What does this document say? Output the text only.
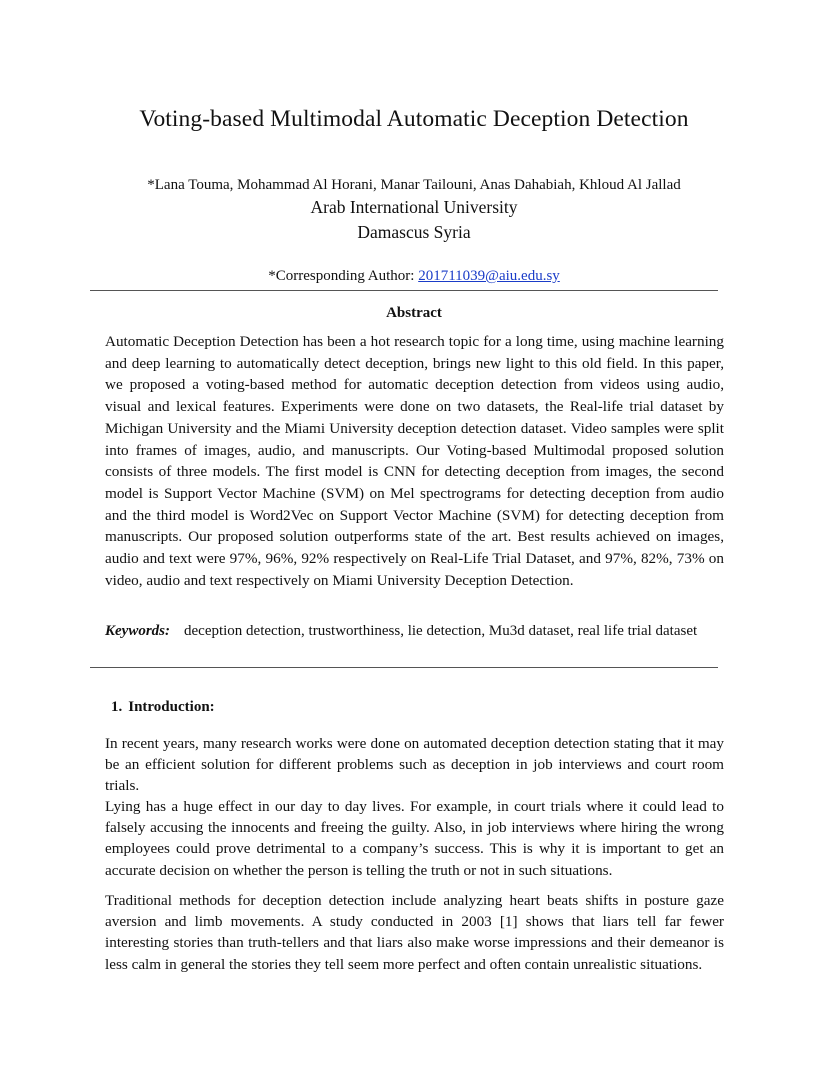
Voting-based Multimodal Automatic Deception Detection
*Lana Touma, Mohammad Al Horani, Manar Tailouni, Anas Dahabiah, Khloud Al Jallad
Arab International University
Damascus Syria
*Corresponding Author: 201711039@aiu.edu.sy
Abstract

Automatic Deception Detection has been a hot research topic for a long time, using machine learning and deep learning to automatically detect deception, brings new light to this old field. In this paper, we proposed a voting-based method for automatic deception detection from videos using audio, visual and lexical features. Experiments were done on two datasets, the Real-life trial dataset by Michigan University and the Miami University deception detection dataset. Video samples were split into frames of images, audio, and manuscripts. Our Voting-based Multimodal proposed solution consists of three models. The first model is CNN for detecting deception from images, the second model is Support Vector Machine (SVM) on Mel spectrograms for detecting deception from audio and the third model is Word2Vec on Support Vector Machine (SVM) for detecting deception from manuscripts. Our proposed solution outperforms state of the art. Best results achieved on images, audio and text were 97%, 96%, 92% respectively on Real-Life Trial Dataset, and 97%, 82%, 73% on video, audio and text respectively on Miami University Deception Detection.

Keywords: deception detection, trustworthiness, lie detection, Mu3d dataset, real life trial dataset

1. Introduction:

In recent years, many research works were done on automated deception detection stating that it may be an efficient solution for different problems such as deception in job interviews and court room trials.

Lying has a huge effect in our day to day lives. For example, in court trials where it could lead to falsely accusing the innocents and freeing the guilty. Also, in job interviews where hiring the wrong employees could prove detrimental to a company’s success. This is why it is important to get an accurate decision on whether the person is telling the truth or not in such situations.

Traditional methods for deception detection include analyzing heart beats shifts in posture gaze aversion and limb movements. A study conducted in 2003 [1] shows that liars tell far fewer interesting stories than truth-tellers and that liars also make worse impressions and their demeanor is less calm in general the stories they tell seem more perfect and often contain unrealistic situations.
